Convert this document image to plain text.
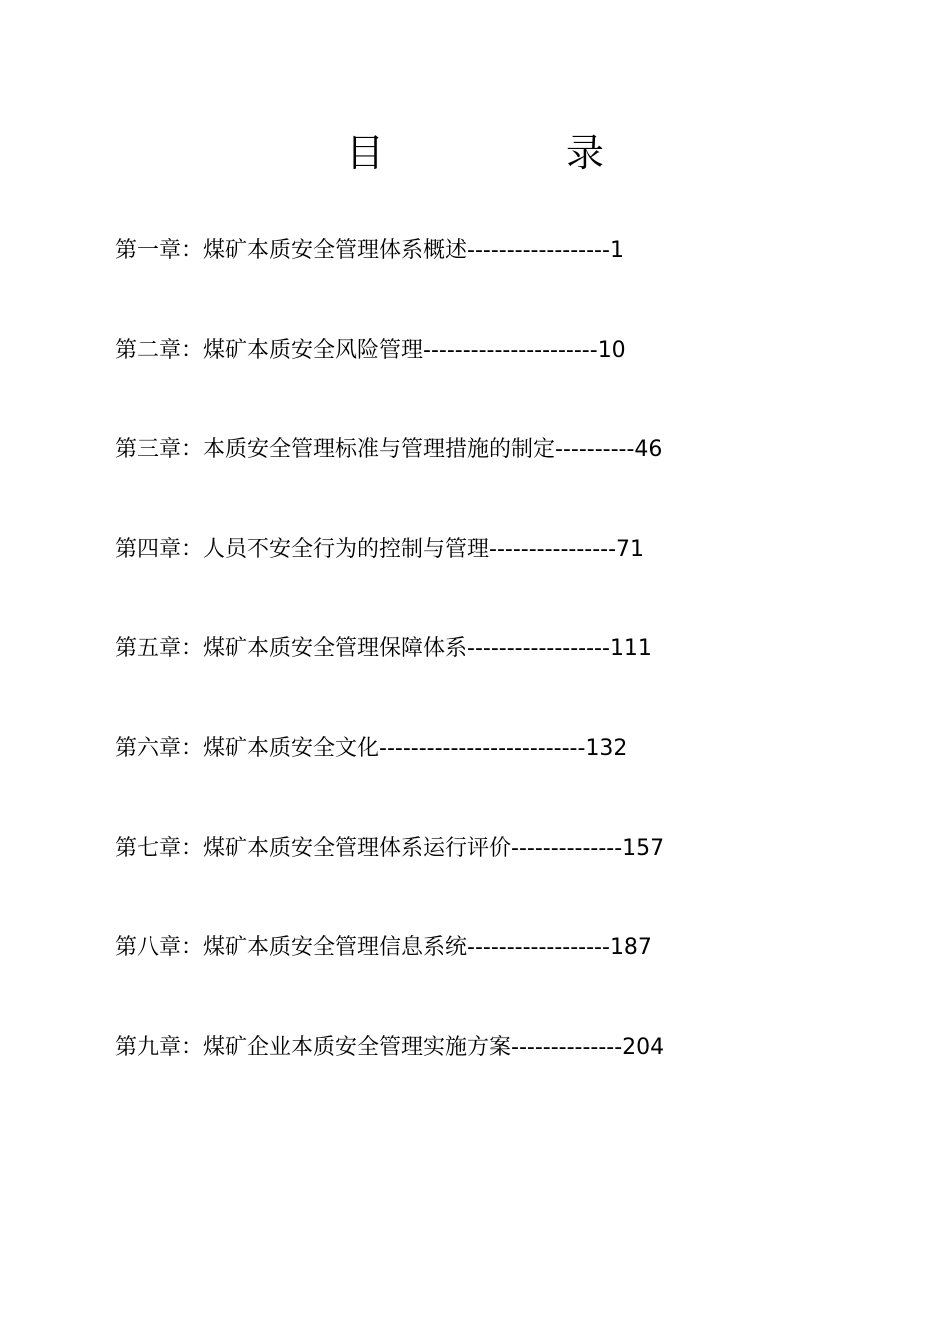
目　录
第一章：煤矿本质安全管理体系概述------------------1
第二章：煤矿本质安全风险管理----------------------10
第三章：本质安全管理标准与管理措施的制定----------46
第四章：人员不安全行为的控制与管理----------------71
第五章：煤矿本质安全管理保障体系------------------111
第六章：煤矿本质安全文化--------------------------132
第七章：煤矿本质安全管理体系运行评价--------------157
第八章：煤矿本质安全管理信息系统------------------187
第九章：煤矿企业本质安全管理实施方案--------------204
